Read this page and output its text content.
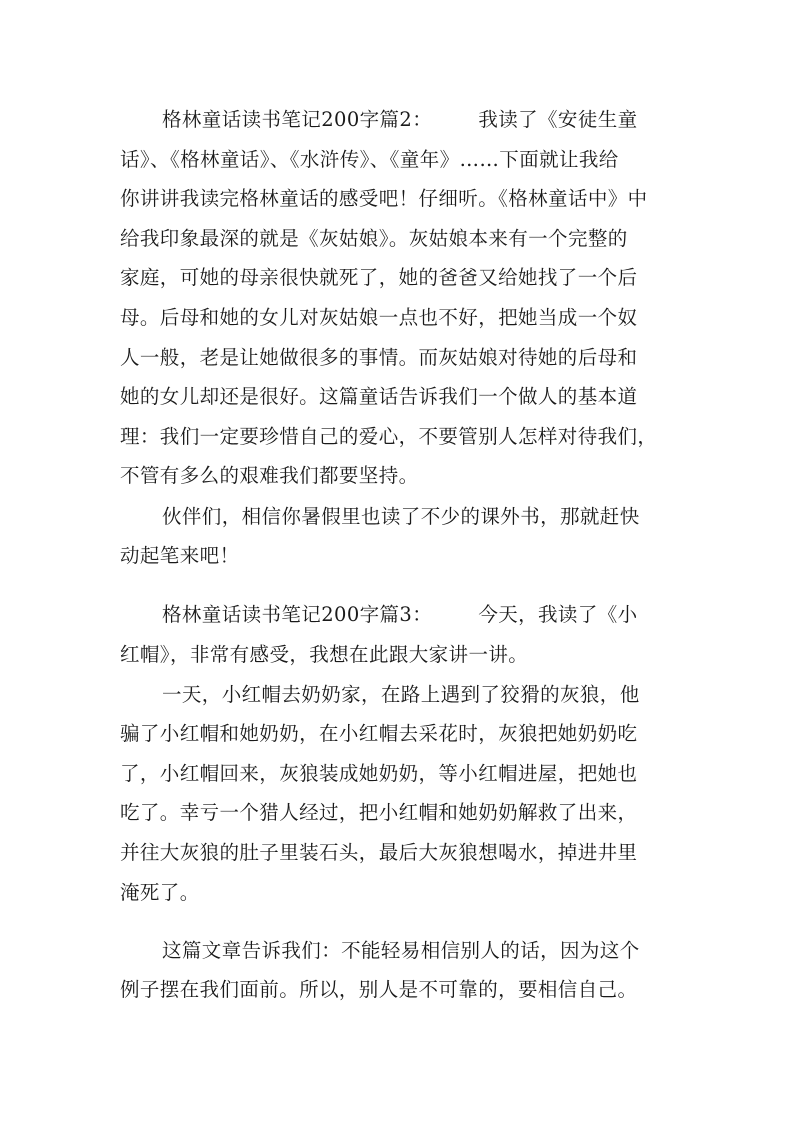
格林童话读书笔记200字篇2：       我读了《安徒生童
话》、《格林童话》、《水浒传》、《童年》……下面就让我给
你讲讲我读完格林童话的感受吧！仔细听。《格林童话中》中
给我印象最深的就是《灰姑娘》。灰姑娘本来有一个完整的
家庭，可她的母亲很快就死了，她的爸爸又给她找了一个后
母。后母和她的女儿对灰姑娘一点也不好，把她当成一个奴
人一般，老是让她做很多的事情。而灰姑娘对待她的后母和
她的女儿却还是很好。这篇童话告诉我们一个做人的基本道
理：我们一定要珍惜自己的爱心，不要管别人怎样对待我们，
不管有多么的艰难我们都要坚持。
伙伴们，相信你暑假里也读了不少的课外书，那就赶快
动起笔来吧！
格林童话读书笔记200字篇3：       今天，我读了《小
红帽》，非常有感受，我想在此跟大家讲一讲。
一天，小红帽去奶奶家，在路上遇到了狡猾的灰狼，他
骗了小红帽和她奶奶，在小红帽去采花时，灰狼把她奶奶吃
了，小红帽回来，灰狼装成她奶奶，等小红帽进屋，把她也
吃了。幸亏一个猎人经过，把小红帽和她奶奶解救了出来，
并往大灰狼的肚子里装石头，最后大灰狼想喝水，掉进井里
淹死了。
这篇文章告诉我们：不能轻易相信别人的话，因为这个
例子摆在我们面前。所以，别人是不可靠的，要相信自己。
